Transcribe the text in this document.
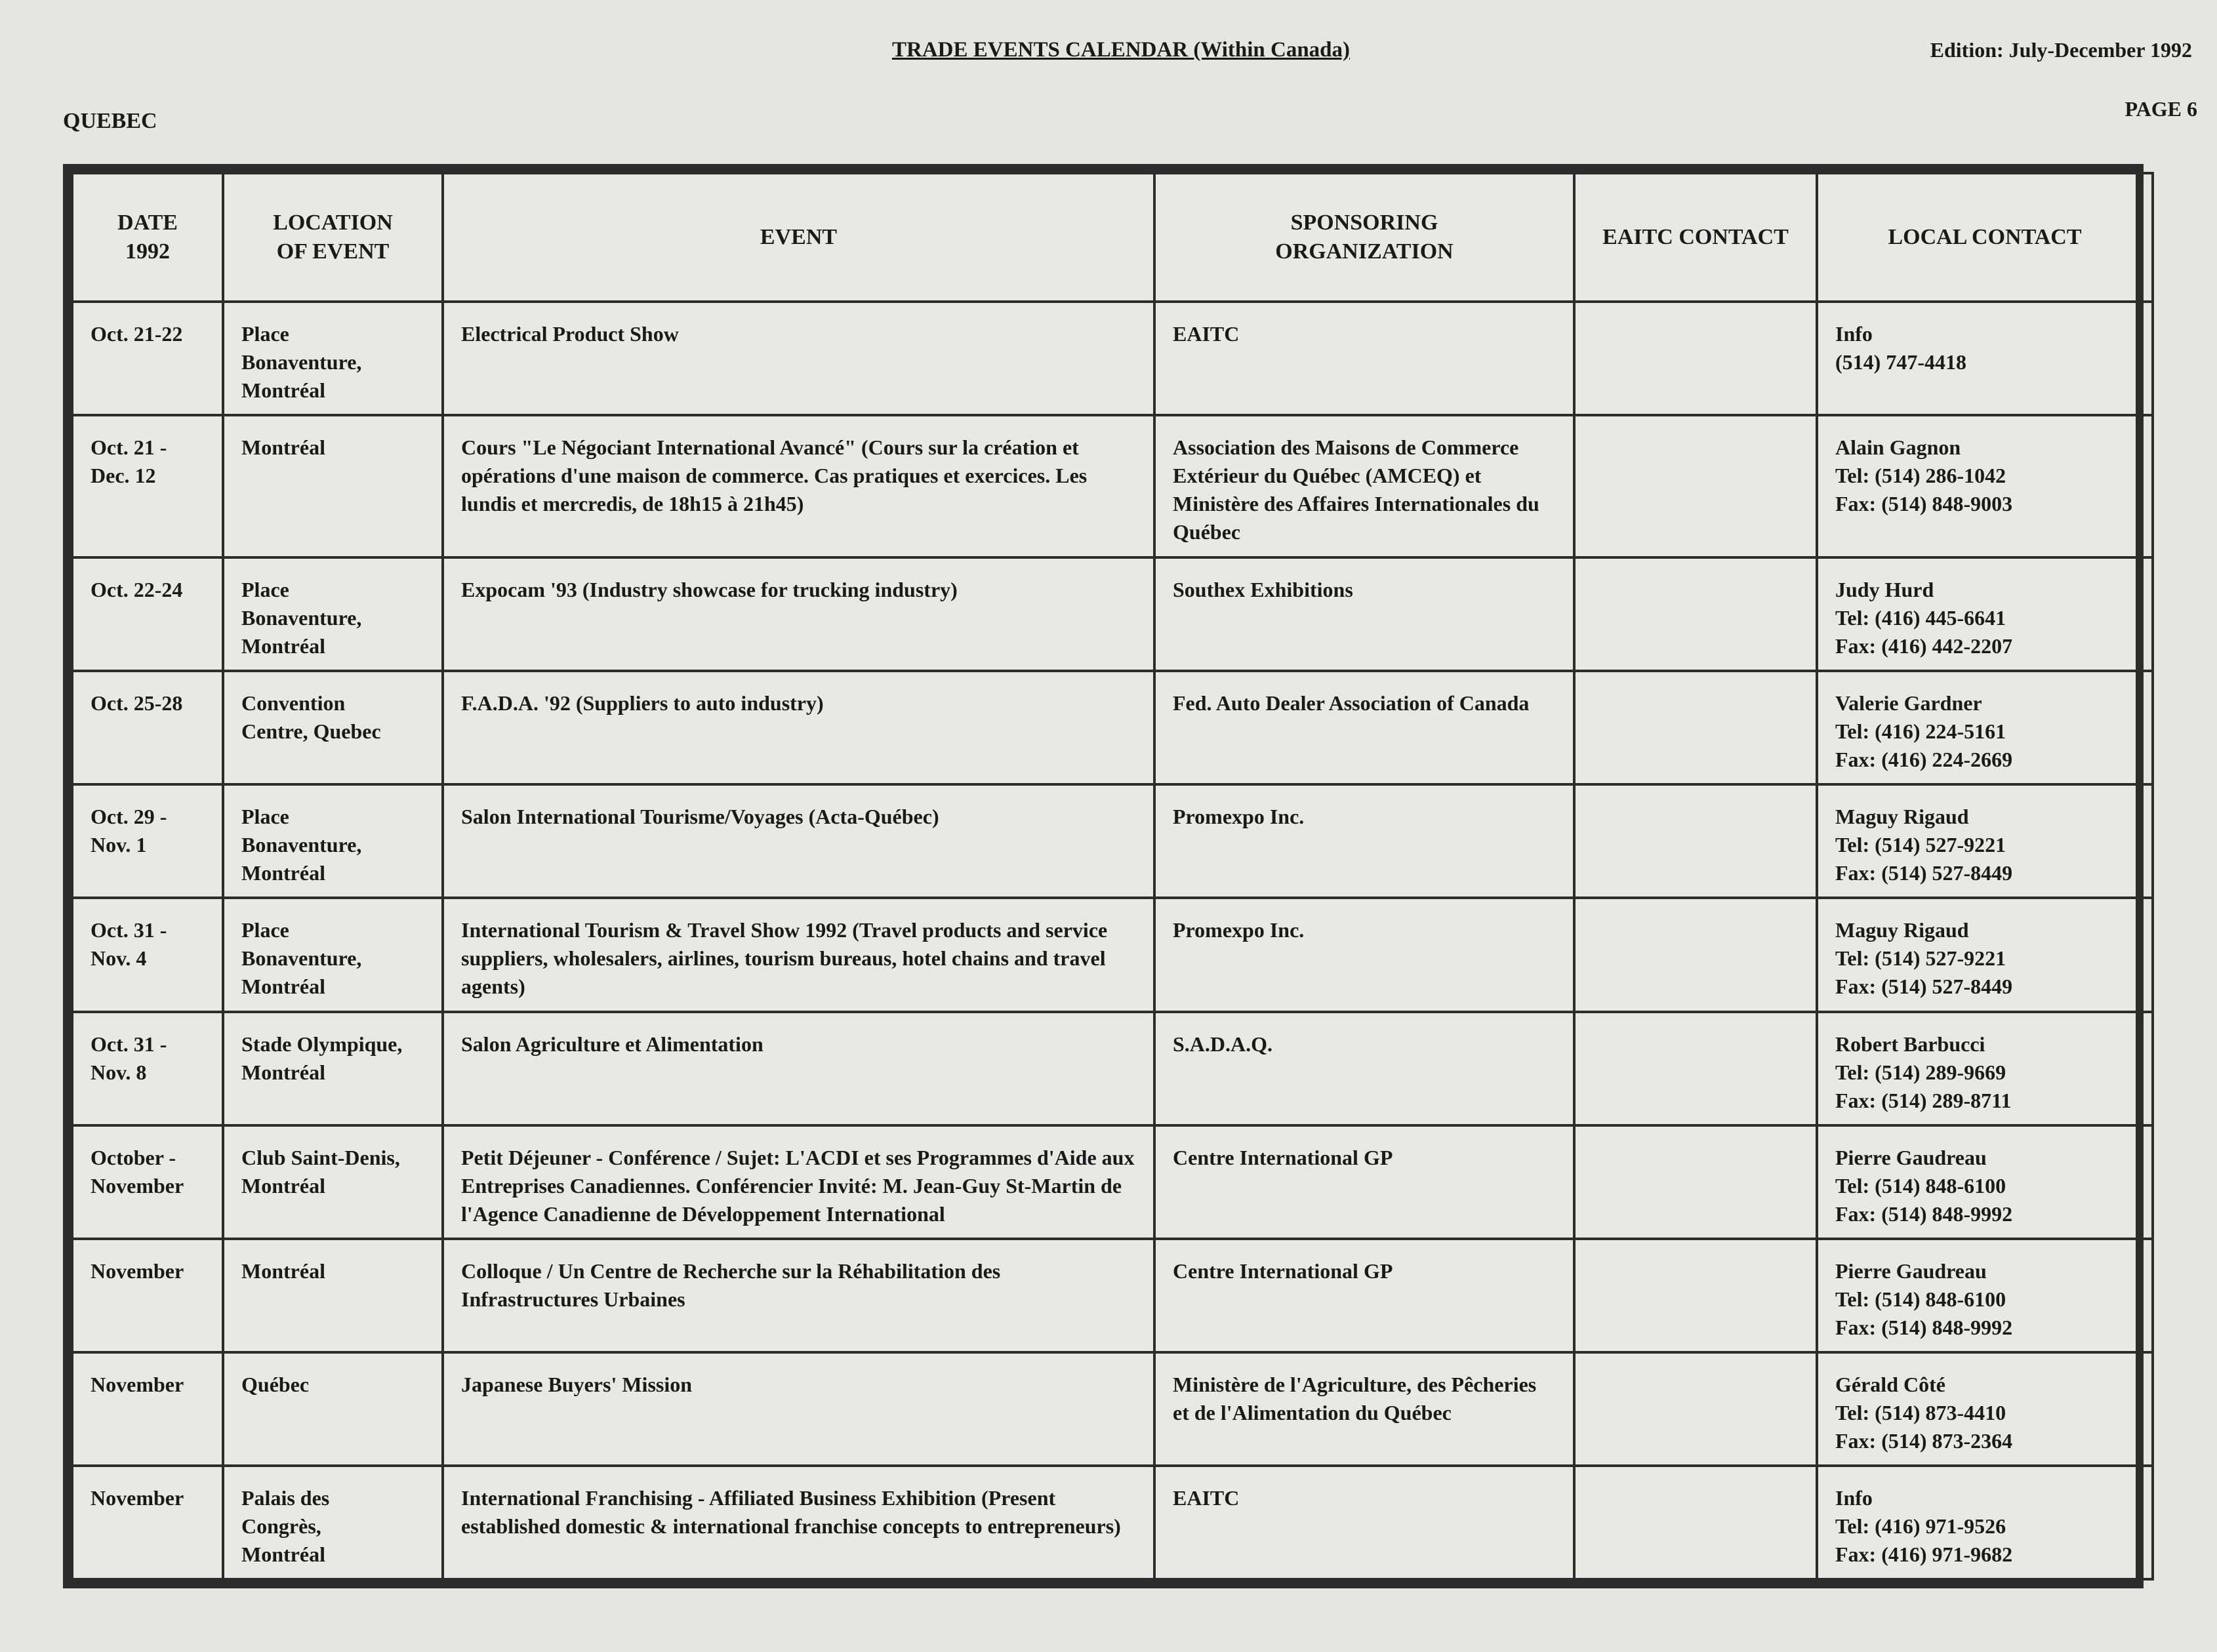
TRADE EVENTS CALENDAR (Within Canada)	Edition: July-December 1992
QUEBEC	PAGE 6
DATE
1992	LOCATION
OF EVENT	EVENT	SPONSORING
ORGANIZATION	EAITC CONTACT	LOCAL CONTACT
Oct. 21-22	Place
Bonaventure,
Montréal	Electrical Product Show	EAITC		Info
(514) 747-4418
Oct. 21 -
Dec. 12	Montréal	Cours "Le Négociant International Avancé" (Cours sur la création et opérations d'une maison de commerce. Cas pratiques et exercices. Les lundis et mercredis, de 18h15 à 21h45)	Association des Maisons de Commerce Extérieur du Québec (AMCEQ) et Ministère des Affaires Internationales du Québec		Alain Gagnon
Tel: (514) 286-1042
Fax: (514) 848-9003
Oct. 22-24	Place
Bonaventure,
Montréal	Expocam '93 (Industry showcase for trucking industry)	Southex Exhibitions		Judy Hurd
Tel: (416) 445-6641
Fax: (416) 442-2207
Oct. 25-28	Convention
Centre, Quebec	F.A.D.A. '92 (Suppliers to auto industry)	Fed. Auto Dealer Association of Canada		Valerie Gardner
Tel: (416) 224-5161
Fax: (416) 224-2669
Oct. 29 -
Nov. 1	Place
Bonaventure,
Montréal	Salon International Tourisme/Voyages (Acta-Québec)	Promexpo Inc.		Maguy Rigaud
Tel: (514) 527-9221
Fax: (514) 527-8449
Oct. 31 -
Nov. 4	Place
Bonaventure,
Montréal	International Tourism & Travel Show 1992 (Travel products and service suppliers, wholesalers, airlines, tourism bureaus, hotel chains and travel agents)	Promexpo Inc.		Maguy Rigaud
Tel: (514) 527-9221
Fax: (514) 527-8449
Oct. 31 -
Nov. 8	Stade Olympique,
Montréal	Salon Agriculture et Alimentation	S.A.D.A.Q.		Robert Barbucci
Tel: (514) 289-9669
Fax: (514) 289-8711
October -
November	Club Saint-Denis,
Montréal	Petit Déjeuner - Conférence / Sujet: L'ACDI et ses Programmes d'Aide aux Entreprises Canadiennes. Conférencier Invité: M. Jean-Guy St-Martin de l'Agence Canadienne de Développement International	Centre International GP		Pierre Gaudreau
Tel: (514) 848-6100
Fax: (514) 848-9992
November	Montréal	Colloque / Un Centre de Recherche sur la Réhabilitation des Infrastructures Urbaines	Centre International GP		Pierre Gaudreau
Tel: (514) 848-6100
Fax: (514) 848-9992
November	Québec	Japanese Buyers' Mission	Ministère de l'Agriculture, des Pêcheries et de l'Alimentation du Québec		Gérald Côté
Tel: (514) 873-4410
Fax: (514) 873-2364
November	Palais des
Congrès,
Montréal	International Franchising - Affiliated Business Exhibition (Present established domestic & international franchise concepts to entrepreneurs)	EAITC		Info
Tel: (416) 971-9526
Fax: (416) 971-9682
